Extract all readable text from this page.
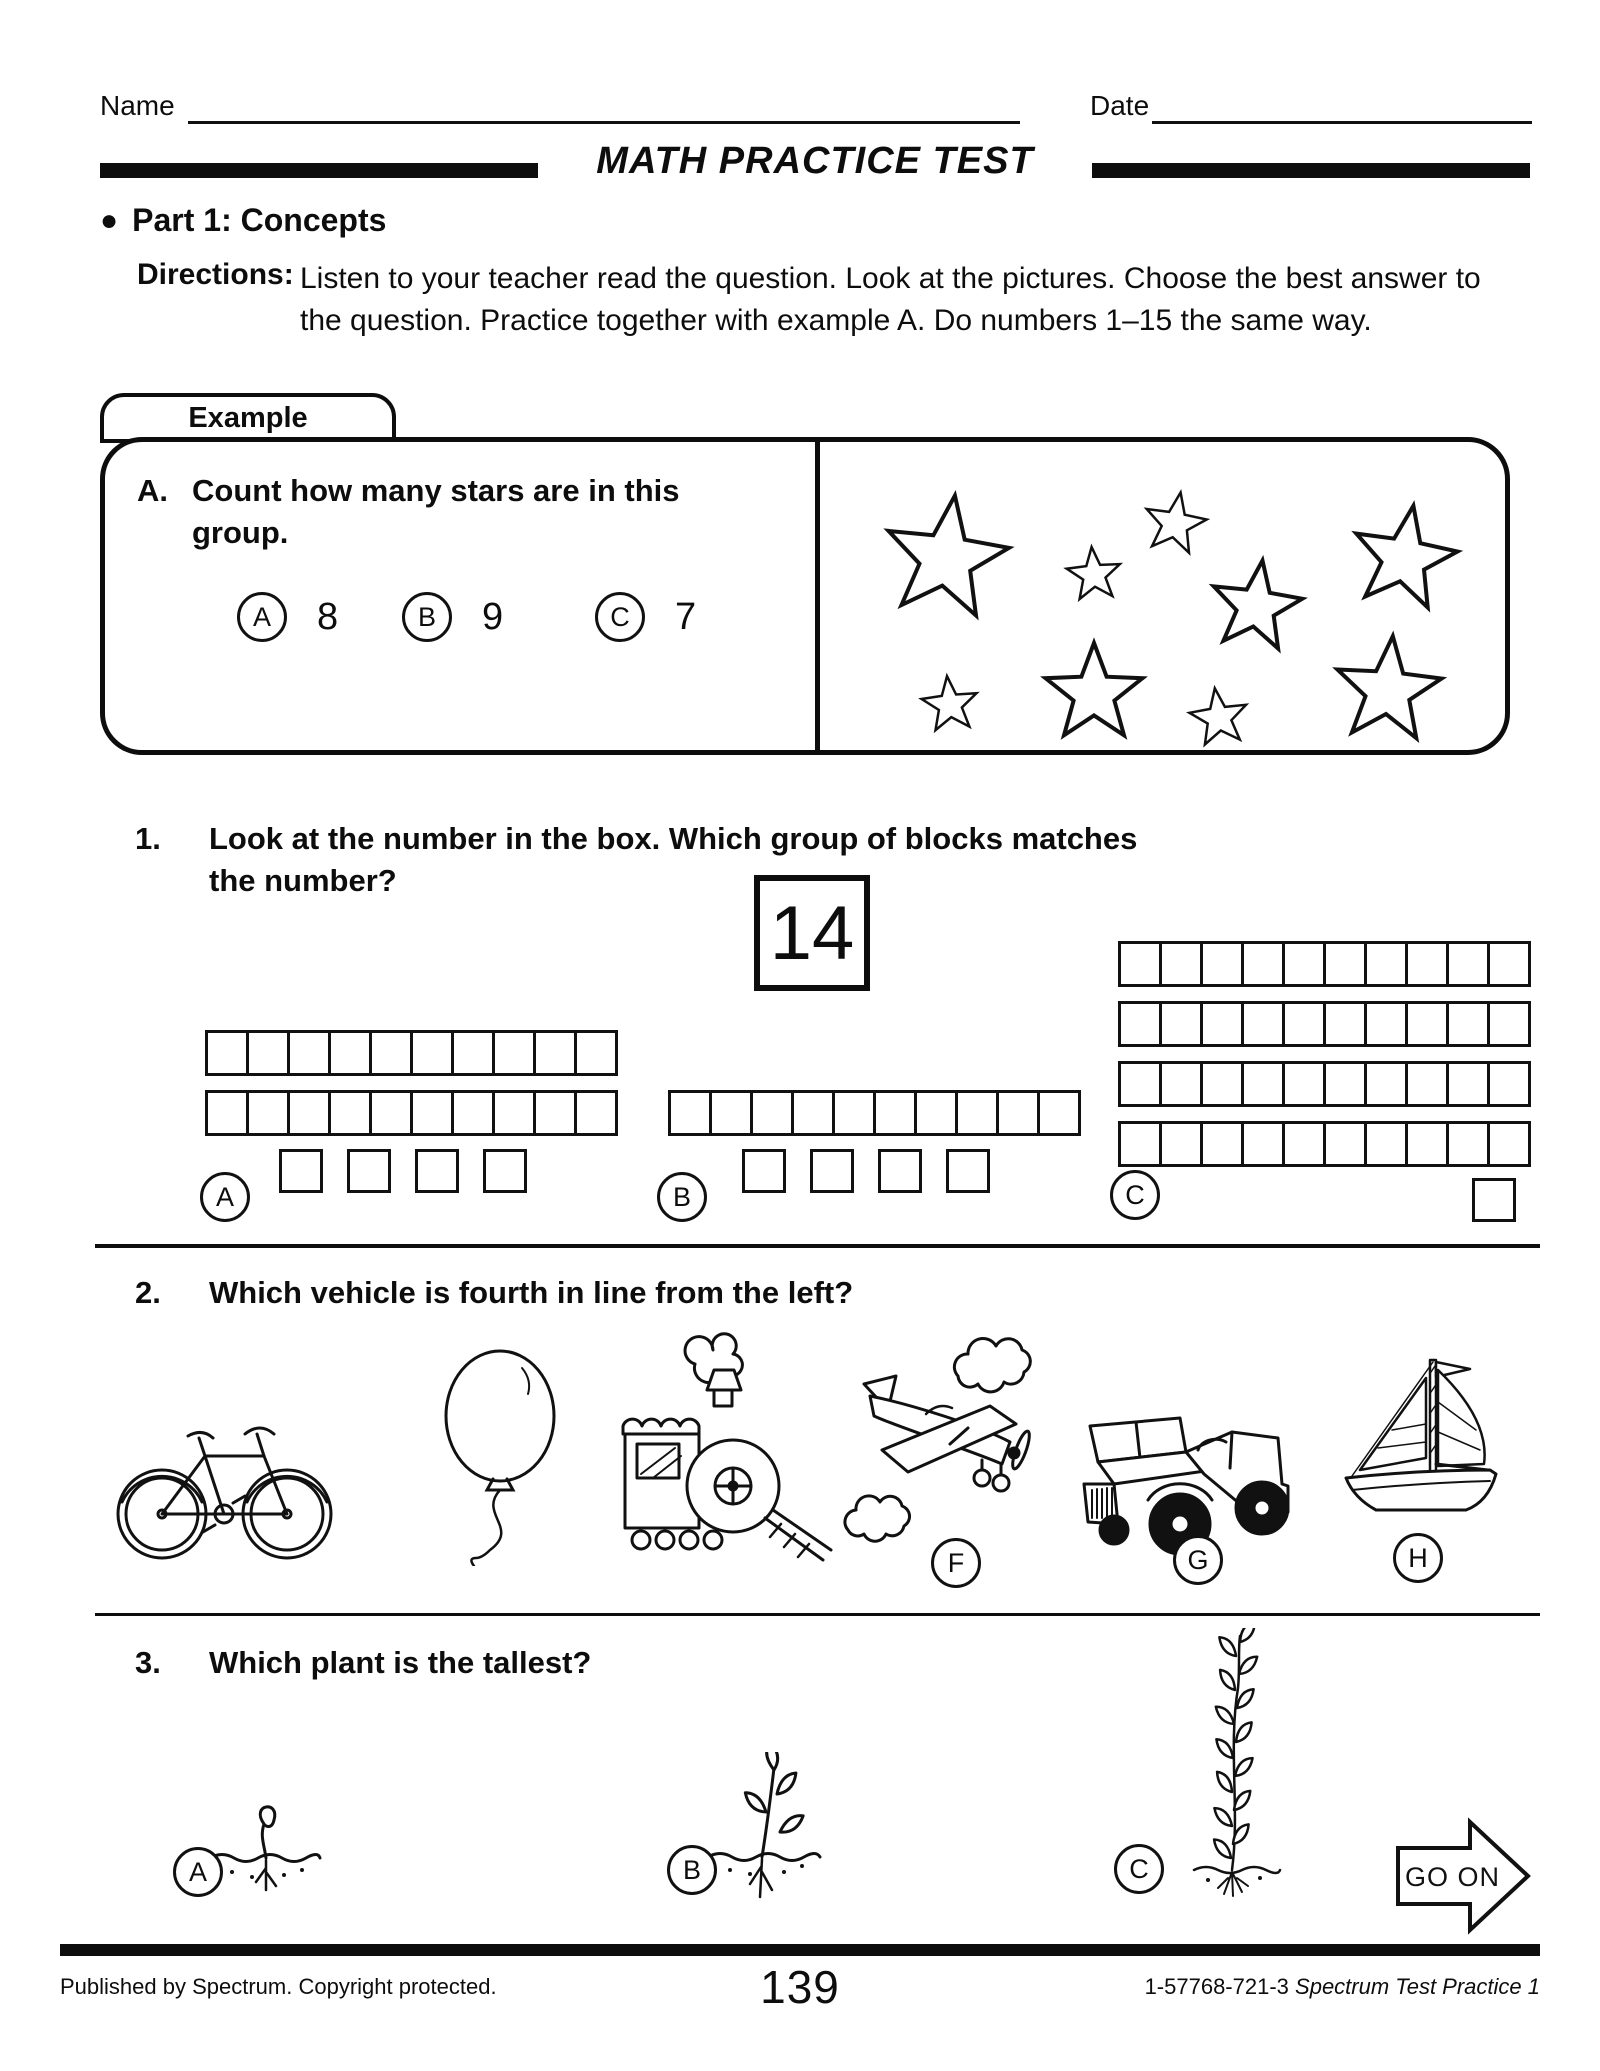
Name	Date
MATH PRACTICE TEST
● Part 1: Concepts
Directions: Listen to your teacher read the question. Look at the pictures. Choose the best answer to the question. Practice together with example A. Do numbers 1–15 the same way.
Example
A. Count how many stars are in this group.
A	8	B	9	C	7
1.	Look at the number in the box. Which group of blocks matches the number?
14
A	B	C
2.	Which vehicle is fourth in line from the left?
F	G	H
3.	Which plant is the tallest?
A	B	C	GO ON
Published by Spectrum. Copyright protected.	139	1-57768-721-3 Spectrum Test Practice 1
